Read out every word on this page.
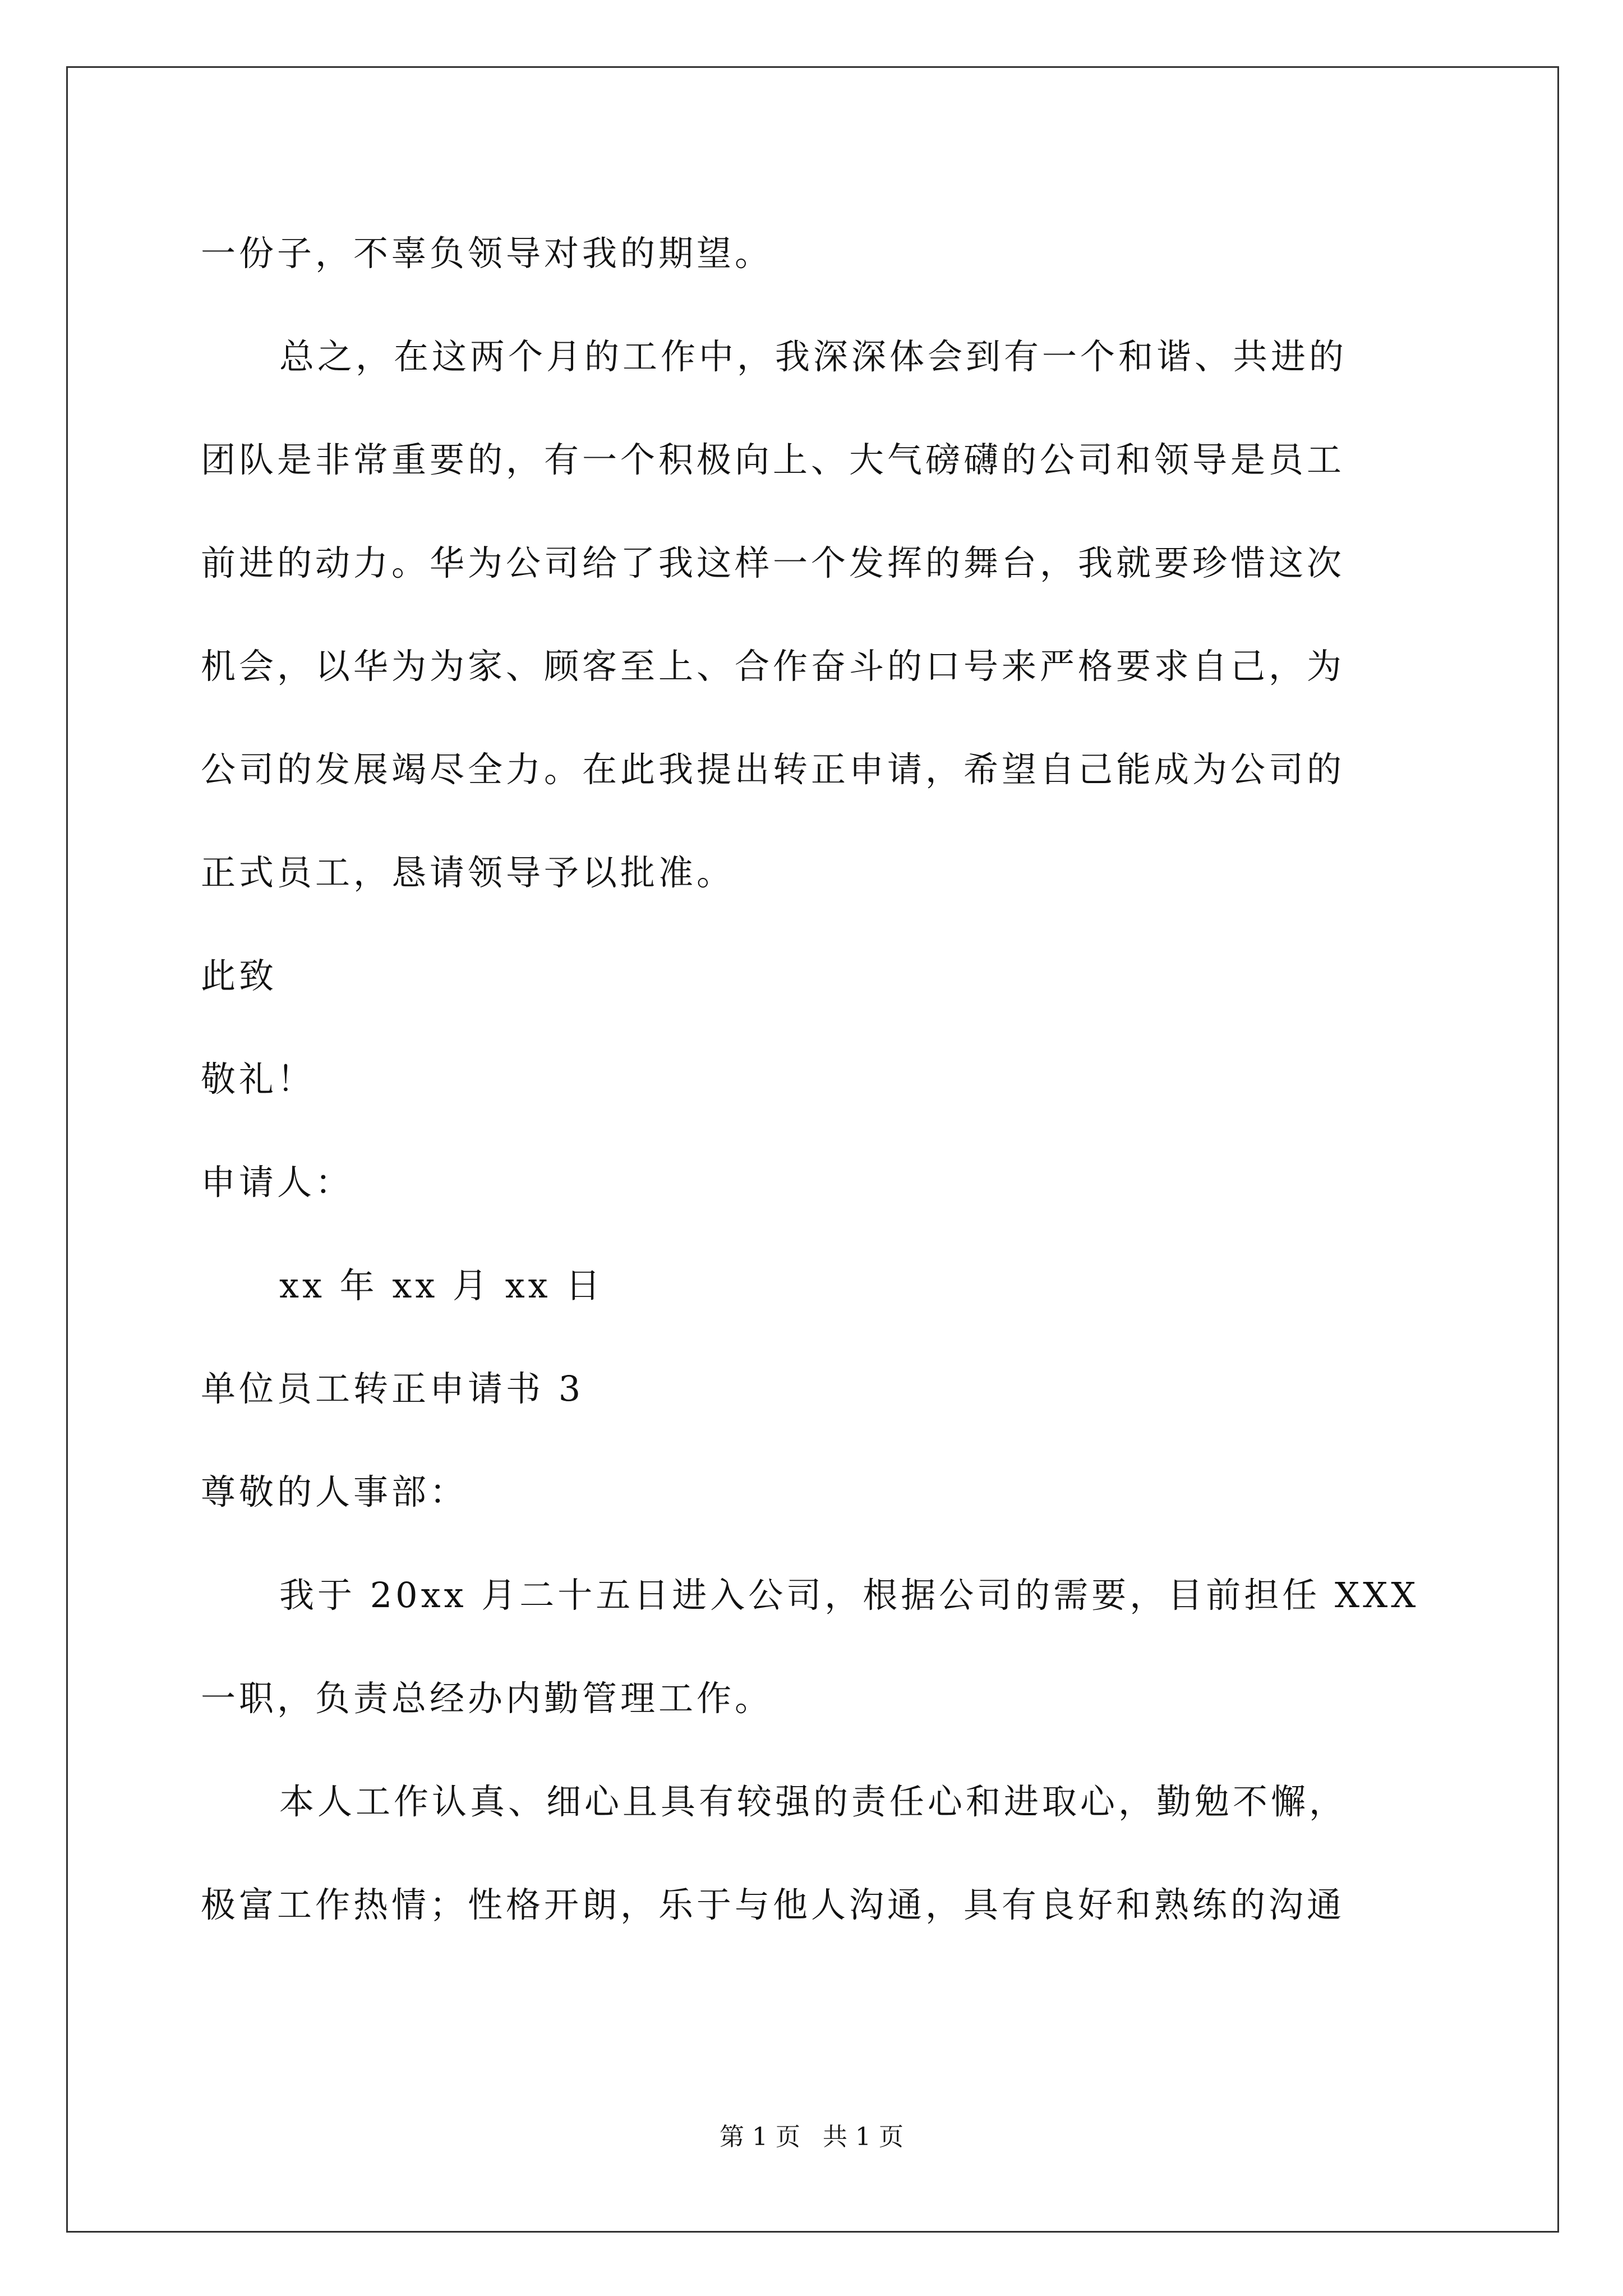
一份子，不辜负领导对我的期望。
总之，在这两个月的工作中，我深深体会到有一个和谐、共进的
团队是非常重要的，有一个积极向上、大气磅礴的公司和领导是员工
前进的动力。华为公司给了我这样一个发挥的舞台，我就要珍惜这次
机会，以华为为家、顾客至上、合作奋斗的口号来严格要求自己，为
公司的发展竭尽全力。在此我提出转正申请，希望自己能成为公司的
正式员工，恳请领导予以批准。
此致
敬礼！
申请人：
xx 年 xx 月 xx 日
单位员工转正申请书 3
尊敬的人事部：
我于 20xx 月二十五日进入公司，根据公司的需要，目前担任 XXX
一职，负责总经办内勤管理工作。
本人工作认真、细心且具有较强的责任心和进取心，勤勉不懈，
极富工作热情；性格开朗，乐于与他人沟通，具有良好和熟练的沟通
第 1 页 共 1 页
